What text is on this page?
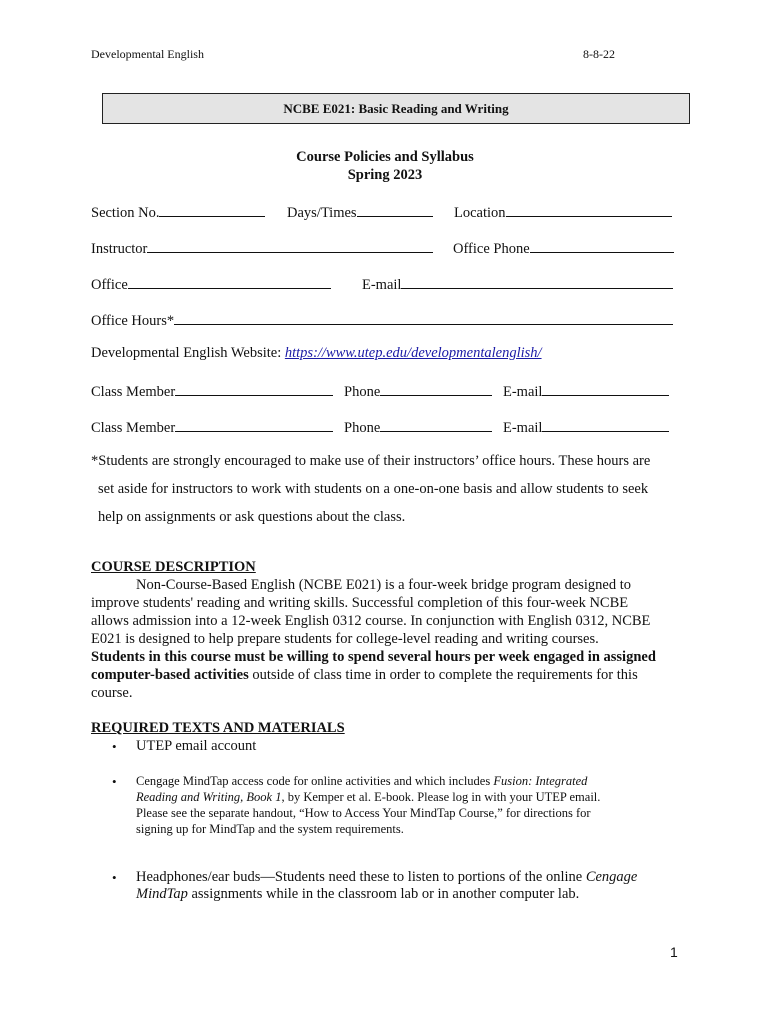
Developmental English	8-8-22
NCBE E021: Basic Reading and Writing
Course Policies and Syllabus
Spring 2023
Section No.	Days/Times	Location
Instructor	Office Phone
Office	E-mail
Office Hours*
Developmental English Website: https://www.utep.edu/developmentalenglish/
Class Member	Phone	E-mail
Class Member	Phone	E-mail
*Students are strongly encouraged to make use of their instructors’ office hours. These hours are
set aside for instructors to work with students on a one-on-one basis and allow students to seek
help on assignments or ask questions about the class.
COURSE DESCRIPTION
Non-Course-Based English (NCBE E021) is a four-week bridge program designed to
improve students' reading and writing skills. Successful completion of this four-week NCBE
allows admission into a 12-week English 0312 course. In conjunction with English 0312, NCBE
E021 is designed to help prepare students for college-level reading and writing courses.
Students in this course must be willing to spend several hours per week engaged in assigned
computer-based activities outside of class time in order to complete the requirements for this
course.
REQUIRED TEXTS AND MATERIALS
• UTEP email account
• Cengage MindTap access code for online activities and which includes Fusion: Integrated
Reading and Writing, Book 1, by Kemper et al. E-book. Please log in with your UTEP email.
Please see the separate handout, “How to Access Your MindTap Course,” for directions for
signing up for MindTap and the system requirements.
• Headphones/ear buds—Students need these to listen to portions of the online Cengage
MindTap assignments while in the classroom lab or in another computer lab.
1
